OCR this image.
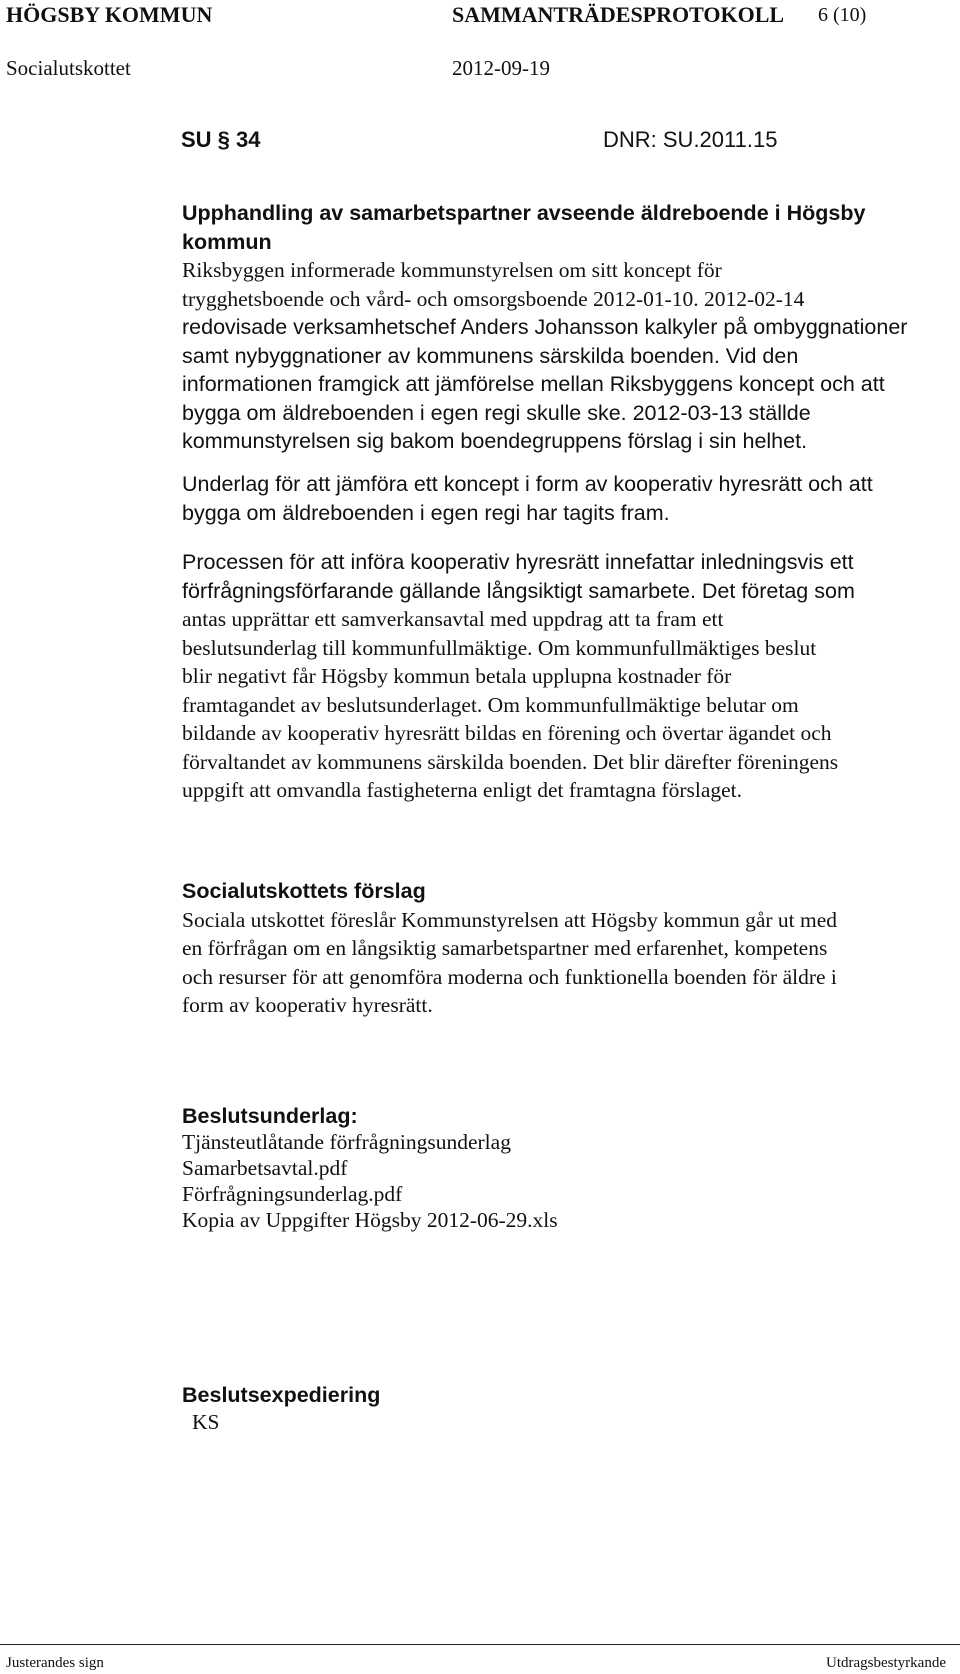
HÖGSBY KOMMUN	SAMMANTRÄDESPROTOKOLL 6 (10)
Socialutskottet	2012-09-19
SU § 34	DNR: SU.2011.15
Upphandling av samarbetspartner avseende äldreboende i Högsby
kommun
Riksbyggen informerade kommunstyrelsen om sitt koncept för
trygghetsboende och vård- och omsorgsboende 2012-01-10. 2012-02-14
redovisade verksamhetschef Anders Johansson kalkyler på ombyggnationer
samt nybyggnationer av kommunens särskilda boenden. Vid den
informationen framgick att jämförelse mellan Riksbyggens koncept och att
bygga om äldreboenden i egen regi skulle ske. 2012-03-13 ställde
kommunstyrelsen sig bakom boendegruppens förslag i sin helhet.
Underlag för att jämföra ett koncept i form av kooperativ hyresrätt och att
bygga om äldreboenden i egen regi har tagits fram.
Processen för att införa kooperativ hyresrätt innefattar inledningsvis ett
förfrågningsförfarande gällande långsiktigt samarbete. Det företag som
antas upprättar ett samverkansavtal med uppdrag att ta fram ett
beslutsunderlag till kommunfullmäktige. Om kommunfullmäktiges beslut
blir negativt får Högsby kommun betala upplupna kostnader för
framtagandet av beslutsunderlaget. Om kommunfullmäktige belutar om
bildande av kooperativ hyresrätt bildas en förening och övertar ägandet och
förvaltandet av kommunens särskilda boenden. Det blir därefter föreningens
uppgift att omvandla fastigheterna enligt det framtagna förslaget.
Socialutskottets förslag
Sociala utskottet föreslår Kommunstyrelsen att Högsby kommun går ut med
en förfrågan om en långsiktig samarbetspartner med erfarenhet, kompetens
och resurser för att genomföra moderna och funktionella boenden för äldre i
form av kooperativ hyresrätt.
Beslutsunderlag:
Tjänsteutlåtande förfrågningsunderlag
Samarbetsavtal.pdf
Förfrågningsunderlag.pdf
Kopia av Uppgifter Högsby 2012-06-29.xls
Beslutsexpediering
KS
Justerandes sign	Utdragsbestyrkande
